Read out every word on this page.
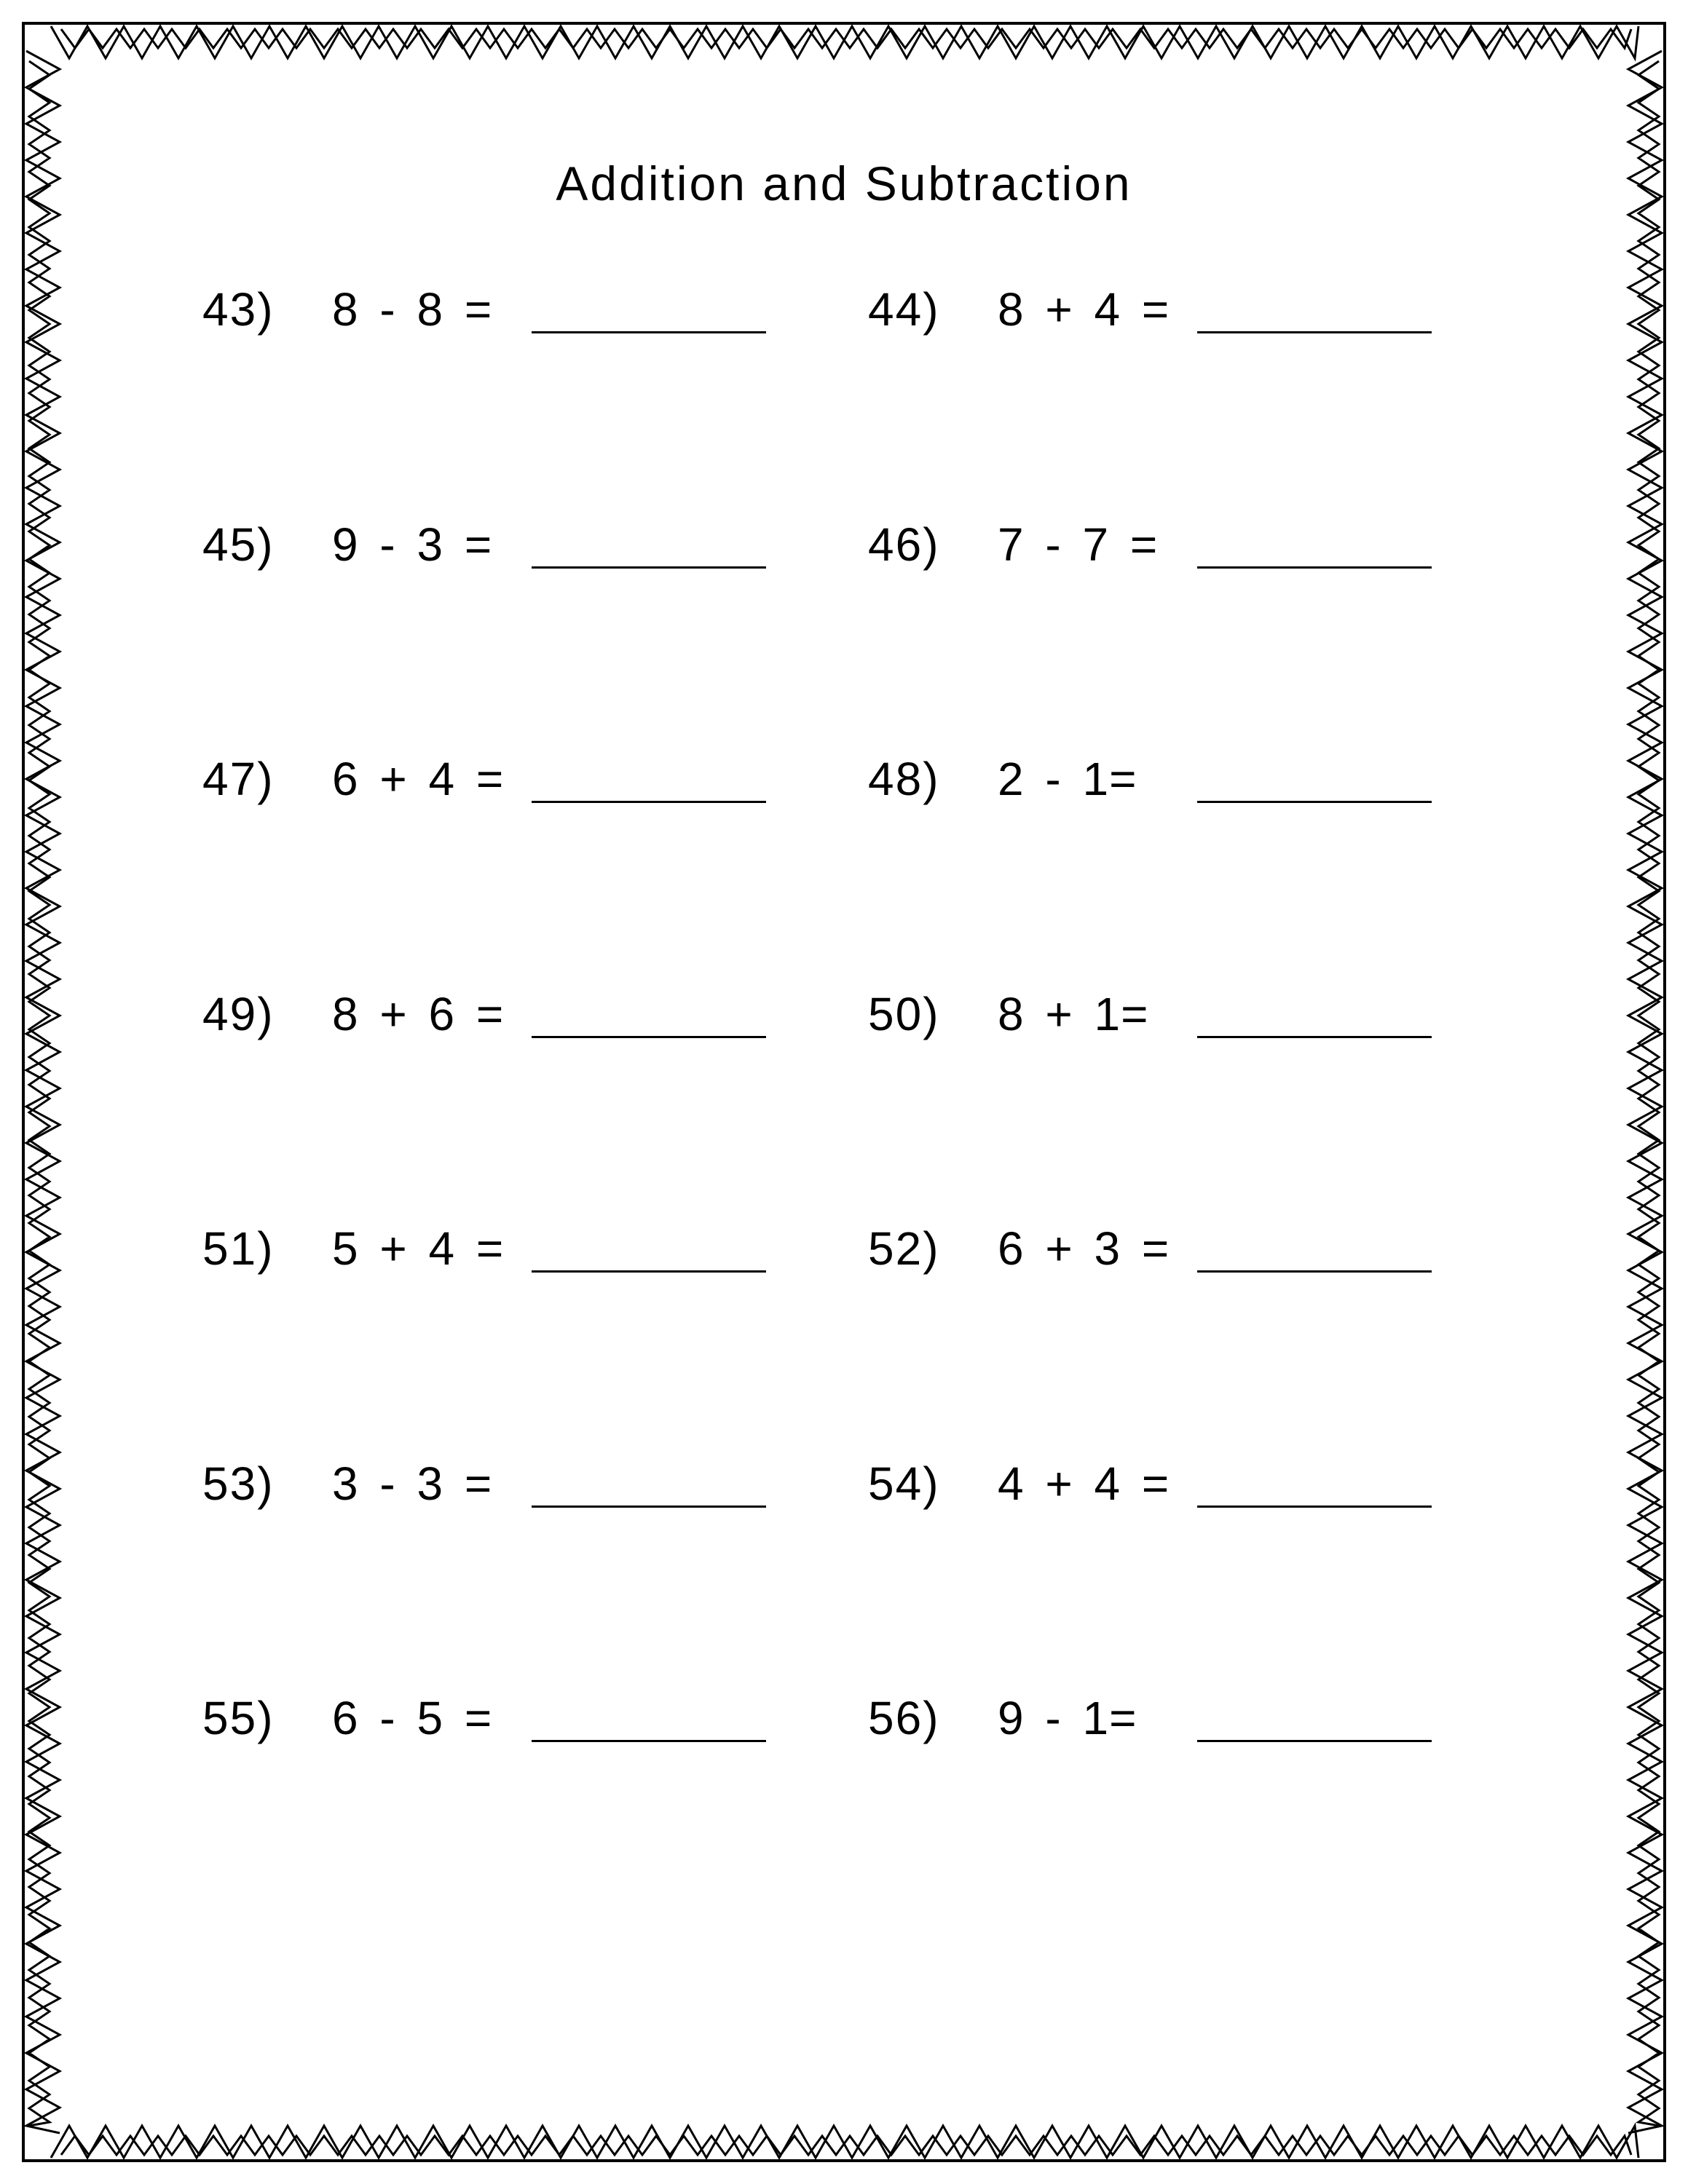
Addition and Subtraction
43) 8 - 8 =	44) 8 + 4 =
45) 9 - 3 =	46) 7 - 7 =
47) 6 + 4 =	48) 2 - 1=
49) 8 + 6 =	50) 8 + 1=
51) 5 + 4 =	52) 6 + 3 =
53) 3 - 3 =	54) 4 + 4 =
55) 6 - 5 =	56) 9 - 1=
